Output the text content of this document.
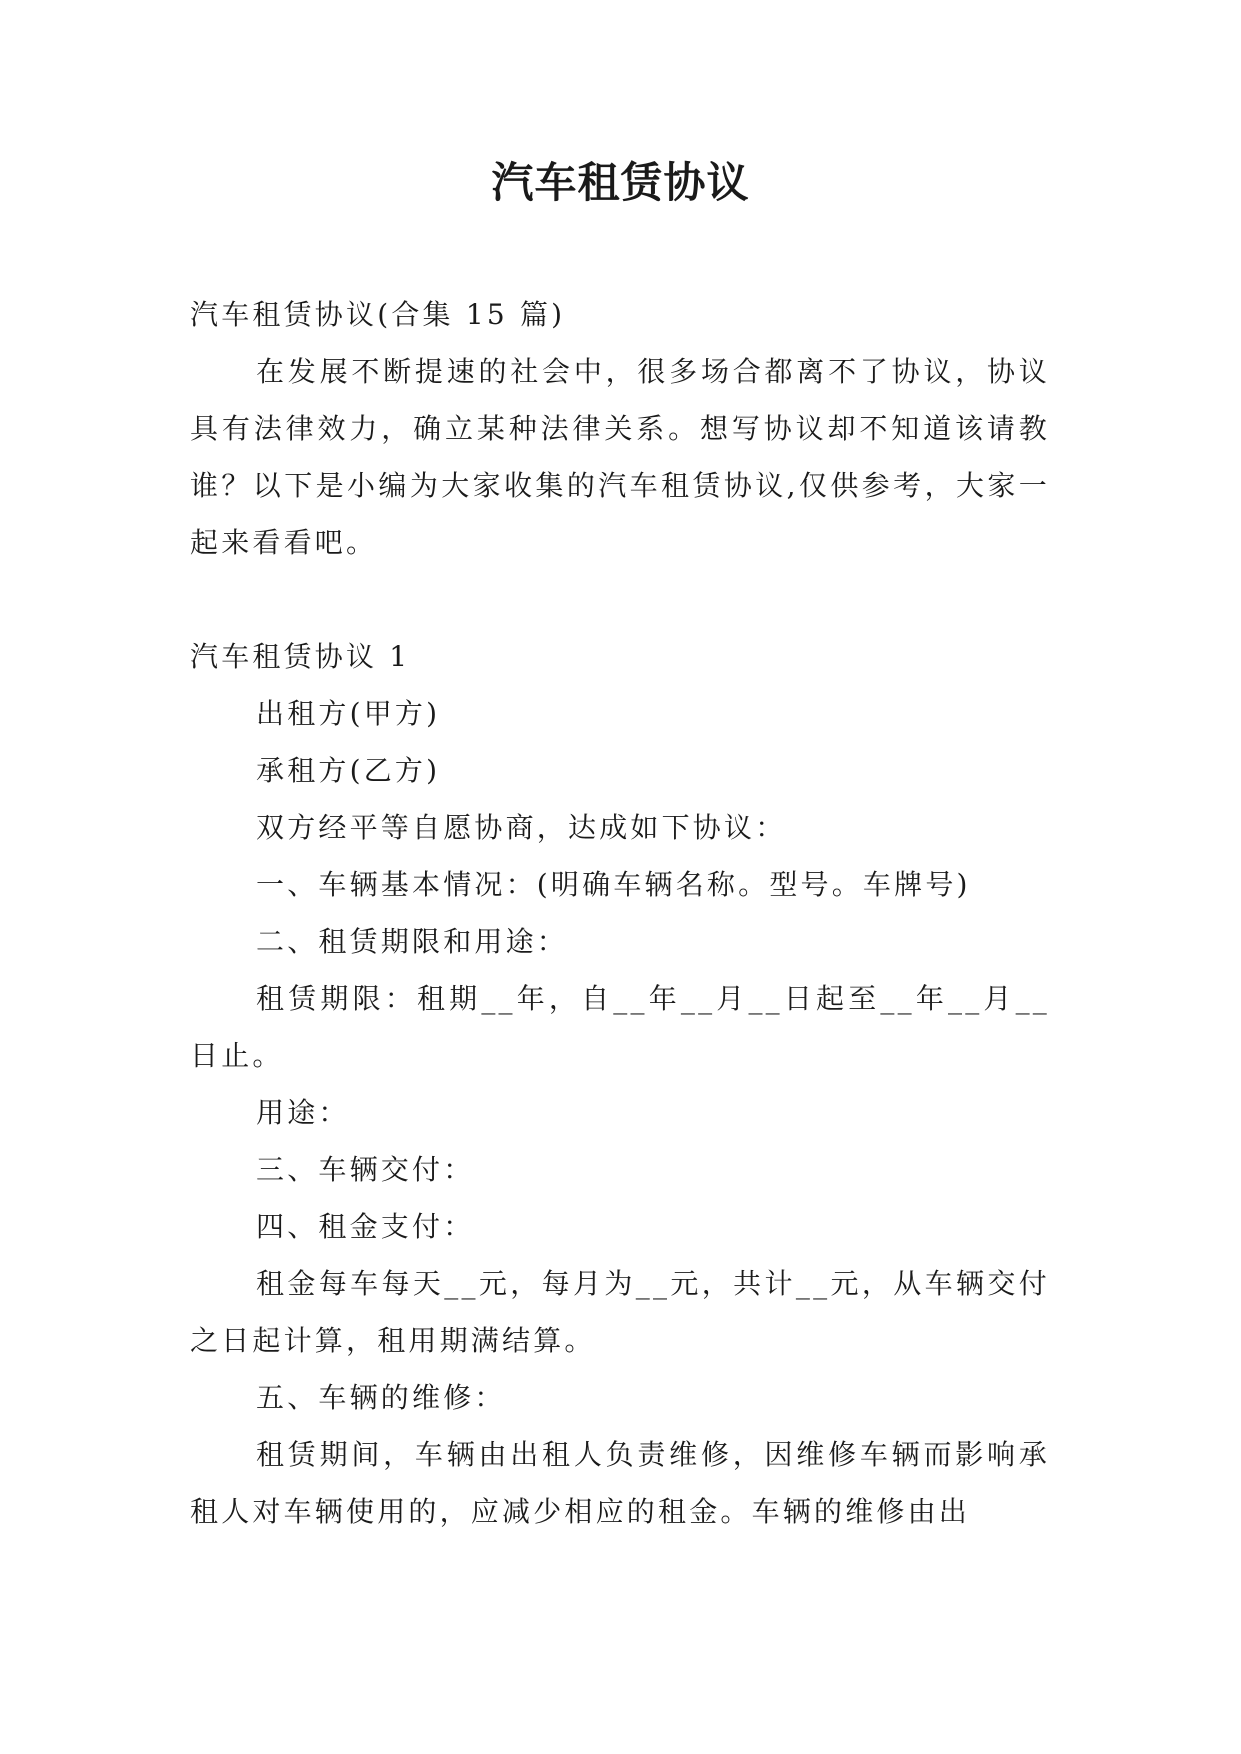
汽车租赁协议

汽车租赁协议(合集 15 篇)

在发展不断提速的社会中，很多场合都离不了协议，协议具有法律效力，确立某种法律关系。想写协议却不知道该请教谁？以下是小编为大家收集的汽车租赁协议,仅供参考，大家一起来看看吧。

汽车租赁协议 1

出租方(甲方)

承租方(乙方)

双方经平等自愿协商，达成如下协议：

一、车辆基本情况：(明确车辆名称。型号。车牌号)

二、租赁期限和用途：

租赁期限：租期__年，自__年__月__日起至__年__月__日止。

用途：

三、车辆交付：

四、租金支付：

租金每车每天__元，每月为__元，共计__元，从车辆交付之日起计算，租用期满结算。

五、车辆的维修：

租赁期间，车辆由出租人负责维修，因维修车辆而影响承租人对车辆使用的，应减少相应的租金。车辆的维修由出
